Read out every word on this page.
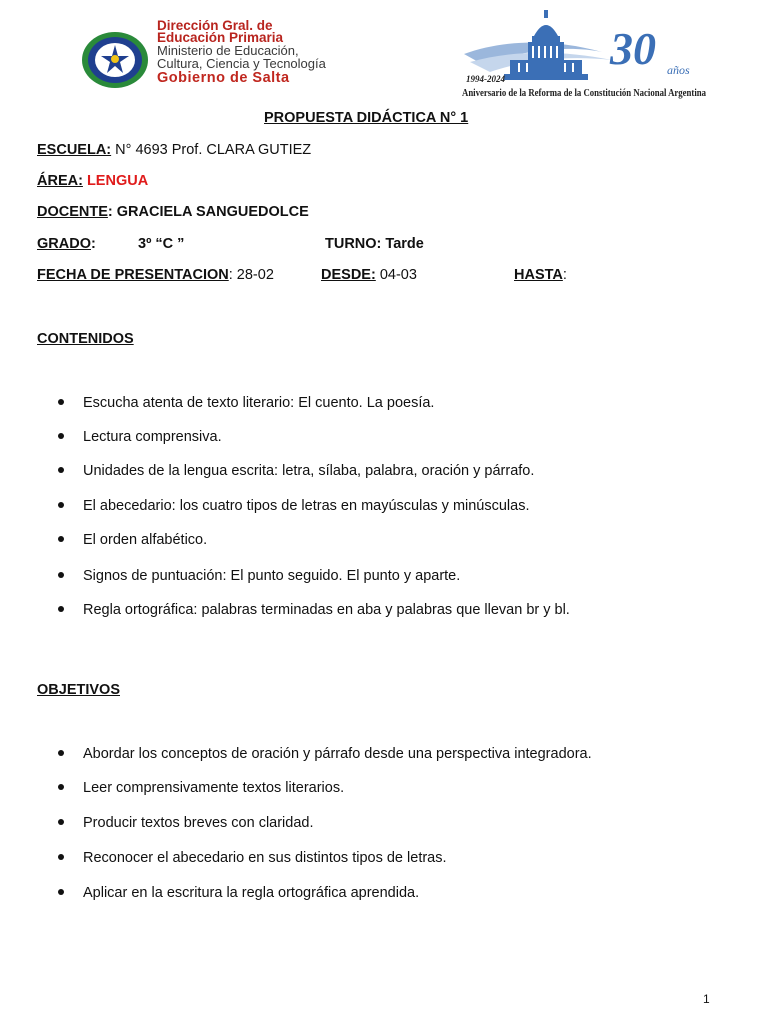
Dirección Gral. de
Educación Primaria
Ministerio de Educación,
Cultura, Ciencia y Tecnología
Gobierno de Salta
30 años
1994-2024
Aniversario de la Reforma de la Constitución Nacional Argentina
PROPUESTA DIDÁCTICA N° 1
ESCUELA: N° 4693 Prof. CLARA GUTIEZ
ÁREA: LENGUA
DOCENTE: GRACIELA SANGUEDOLCE
GRADO:	3º “C ”	TURNO: Tarde
FECHA DE PRESENTACION: 28-02	DESDE: 04-03	HASTA:
CONTENIDOS
Escucha atenta de texto literario: El cuento. La poesía.
Lectura comprensiva.
Unidades de la lengua escrita: letra, sílaba, palabra, oración y párrafo.
El abecedario: los cuatro tipos de letras en mayúsculas y minúsculas.
El orden alfabético.
Signos de puntuación: El punto seguido. El punto y aparte.
Regla ortográfica: palabras terminadas en aba y palabras que llevan br y bl.
OBJETIVOS
Abordar los conceptos de oración y párrafo desde una perspectiva integradora.
Leer comprensivamente textos literarios.
Producir textos breves con claridad.
Reconocer el abecedario en sus distintos tipos de letras.
Aplicar en la escritura la regla ortográfica aprendida.
1
